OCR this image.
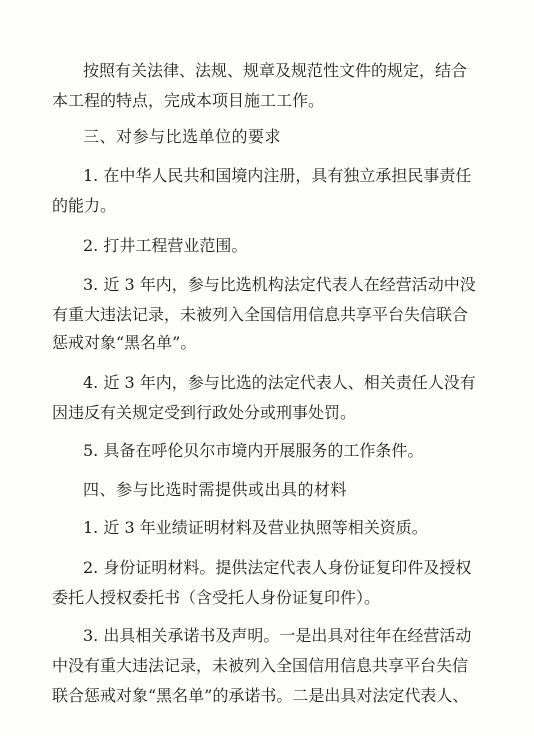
按照有关法律、法规、规章及规范性文件的规定，结合

本工程的特点，完成本项目施工工作。

三、对参与比选单位的要求

1. 在中华人民共和国境内注册，具有独立承担民事责任

的能力。

2. 打井工程营业范围。

3. 近 3 年内，参与比选机构法定代表人在经营活动中没

有重大违法记录，未被列入全国信用信息共享平台失信联合

惩戒对象“黑名单”。

4. 近 3 年内，参与比选的法定代表人、相关责任人没有

因违反有关规定受到行政处分或刑事处罚。

5. 具备在呼伦贝尔市境内开展服务的工作条件。

四、参与比选时需提供或出具的材料

1. 近 3 年业绩证明材料及营业执照等相关资质。

2. 身份证明材料。提供法定代表人身份证复印件及授权

委托人授权委托书（含受托人身份证复印件）。

3. 出具相关承诺书及声明。一是出具对往年在经营活动

中没有重大违法记录，未被列入全国信用信息共享平台失信

联合惩戒对象“黑名单”的承诺书。二是出具对法定代表人、
